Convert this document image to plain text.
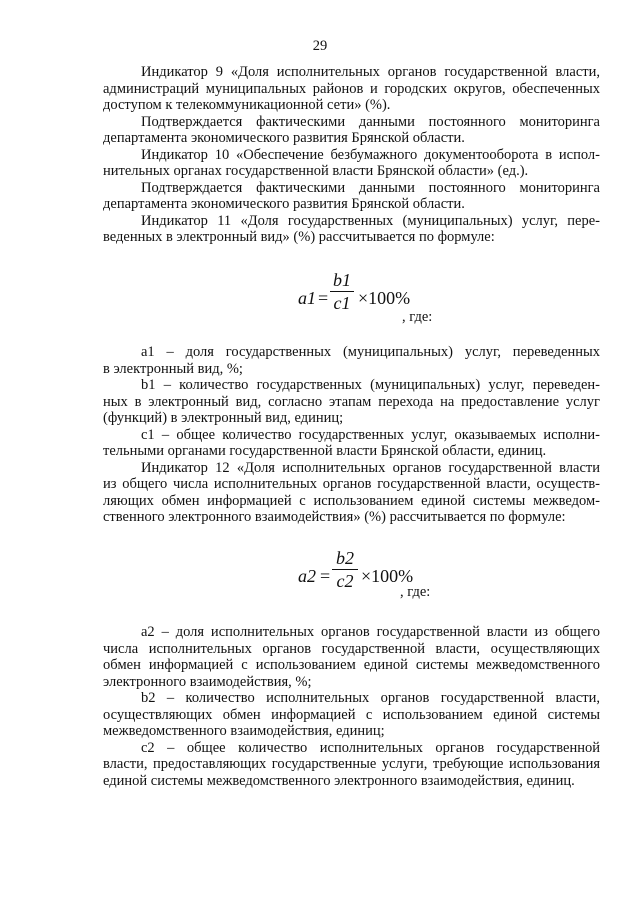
29
Индикатор 9 «Доля исполнительных органов государственной власти,
администраций муниципальных районов и городских округов, обеспеченных
доступом к телекоммуникационной сети» (%).
Подтверждается фактическими данными постоянного мониторинга
департамента экономического развития Брянской области.
Индикатор 10 «Обеспечение безбумажного документооборота в испол-
нительных органах государственной власти Брянской области» (ед.).
Подтверждается фактическими данными постоянного мониторинга
департамента экономического развития Брянской области.
Индикатор 11 «Доля государственных (муниципальных) услуг, пере-
веденных в электронный вид» (%) рассчитывается по формуле:
a1 =
b1
c1 ×100%
, где:
а1 – доля государственных (муниципальных) услуг, переведенных
в электронный вид, %;
b1 – количество государственных (муниципальных) услуг, переведен-
ных в электронный вид, согласно этапам перехода на предоставление услуг
(функций) в электронный вид, единиц;
с1 – общее количество государственных услуг, оказываемых исполни-
тельными органами государственной власти Брянской области, единиц.
Индикатор 12 «Доля исполнительных органов государственной власти
из общего числа исполнительных органов государственной власти, осуществ-
ляющих обмен информацией с использованием единой системы межведом-
ственного электронного взаимодействия» (%) рассчитывается по формуле:
a2 =
b2
c2 ×100%
, где:
а2 – доля исполнительных органов государственной власти из общего
числа исполнительных органов государственной власти, осуществляющих
обмен информацией с использованием единой системы межведомственного
электронного взаимодействия, %;
b2 – количество исполнительных органов государственной власти,
осуществляющих обмен информацией с использованием единой системы
межведомственного взаимодействия, единиц;
с2 – общее количество исполнительных органов государственной
власти, предоставляющих государственные услуги, требующие использования
единой системы межведомственного электронного взаимодействия, единиц.
